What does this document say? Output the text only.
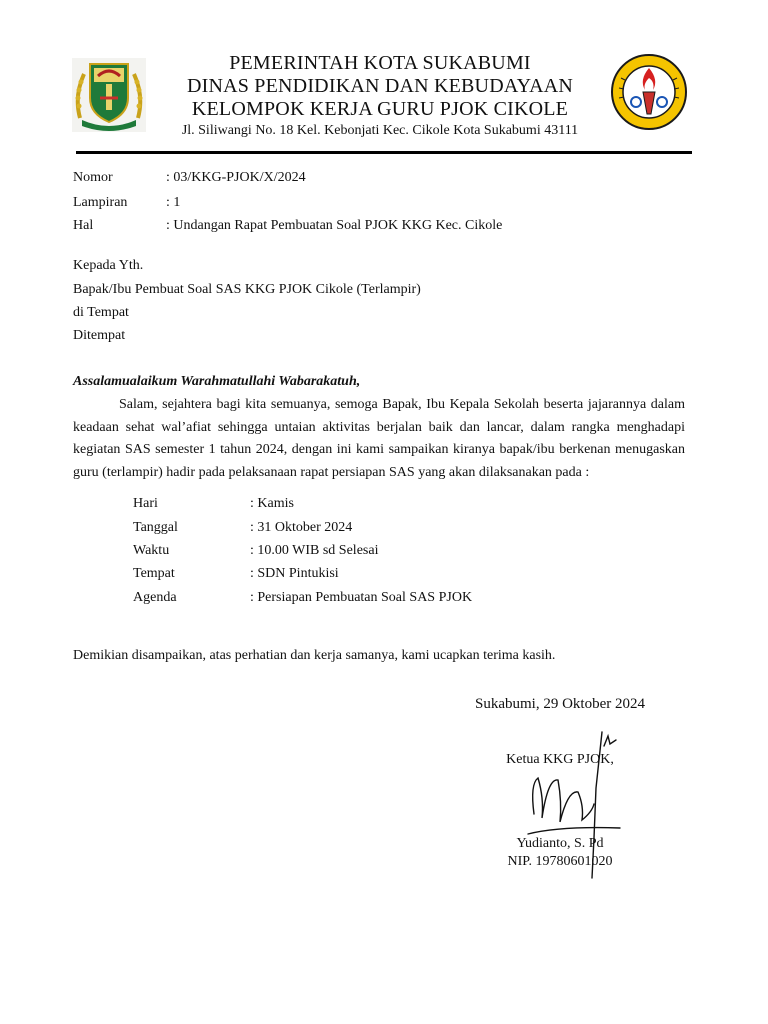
PEMERINTAH KOTA SUKABUMI
DINAS PENDIDIKAN DAN KEBUDAYAAN
KELOMPOK KERJA GURU PJOK CIKOLE
Jl. Siliwangi No. 18 Kel. Kebonjati Kec. Cikole Kota Sukabumi 43111
Nomor	: 03/KKG-PJOK/X/2024
Lampiran	: 1
Hal	: Undangan Rapat Pembuatan Soal PJOK KKG Kec. Cikole
Kepada Yth.
Bapak/Ibu Pembuat Soal SAS KKG PJOK Cikole (Terlampir)
di Tempat
Ditempat
Assalamualaikum Warahmatullahi Wabarakatuh,
Salam, sejahtera bagi kita semuanya, semoga Bapak, Ibu Kepala Sekolah beserta jajarannya dalam keadaan sehat wal’afiat sehingga untaian aktivitas berjalan baik dan lancar, dalam rangka menghadapi kegiatan SAS semester 1 tahun 2024, dengan ini kami sampaikan kiranya bapak/ibu berkenan menugaskan guru (terlampir) hadir pada pelaksanaan rapat persiapan SAS yang akan dilaksanakan pada :
Hari	: Kamis
Tanggal	: 31 Oktober 2024
Waktu	: 10.00 WIB sd Selesai
Tempat	: SDN Pintukisi
Agenda	: Persiapan Pembuatan Soal SAS PJOK
Demikian disampaikan, atas perhatian dan kerja samanya, kami ucapkan terima kasih.
Sukabumi, 29 Oktober 2024
Ketua KKG PJOK,
Yudianto, S. Pd
NIP. 19780601020
